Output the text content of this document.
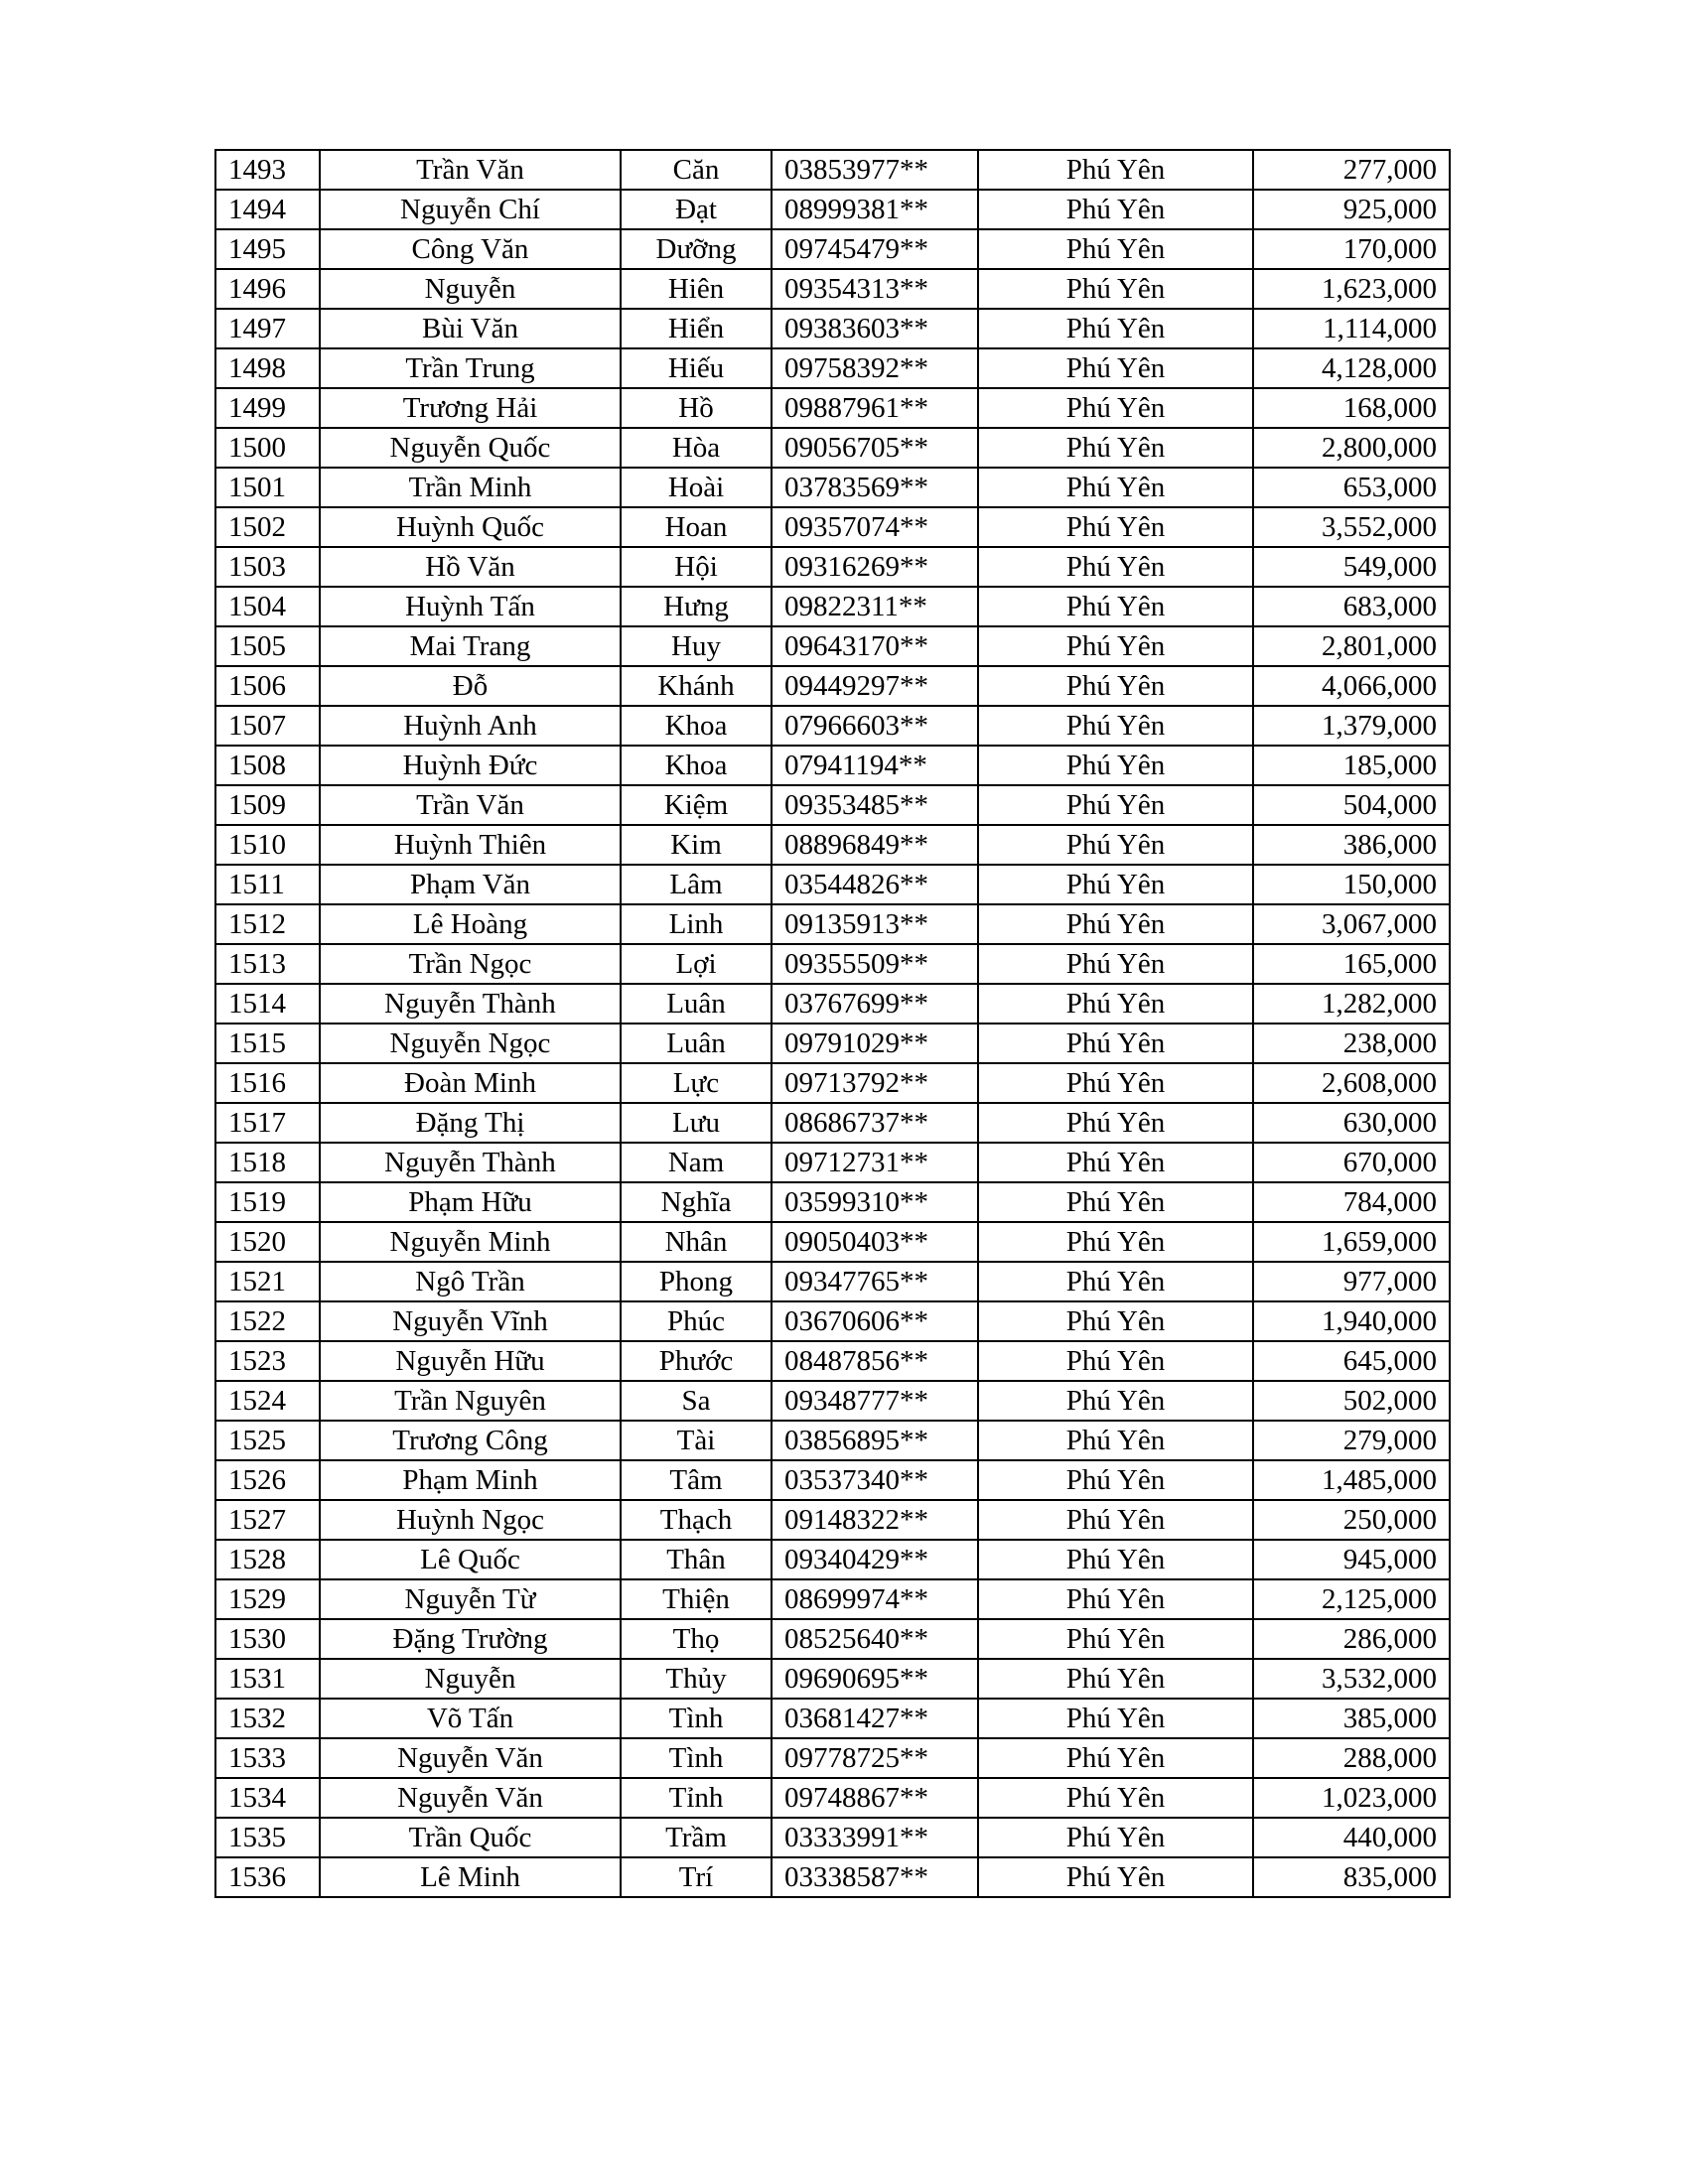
1493	Trần Văn	Căn	03853977**	Phú Yên	277,000
1494	Nguyễn Chí	Đạt	08999381**	Phú Yên	925,000
1495	Công Văn	Dưỡng	09745479**	Phú Yên	170,000
1496	Nguyễn	Hiên	09354313**	Phú Yên	1,623,000
1497	Bùi Văn	Hiển	09383603**	Phú Yên	1,114,000
1498	Trần Trung	Hiếu	09758392**	Phú Yên	4,128,000
1499	Trương Hải	Hồ	09887961**	Phú Yên	168,000
1500	Nguyễn Quốc	Hòa	09056705**	Phú Yên	2,800,000
1501	Trần Minh	Hoài	03783569**	Phú Yên	653,000
1502	Huỳnh Quốc	Hoan	09357074**	Phú Yên	3,552,000
1503	Hồ Văn	Hội	09316269**	Phú Yên	549,000
1504	Huỳnh Tấn	Hưng	09822311**	Phú Yên	683,000
1505	Mai Trang	Huy	09643170**	Phú Yên	2,801,000
1506	Đỗ	Khánh	09449297**	Phú Yên	4,066,000
1507	Huỳnh Anh	Khoa	07966603**	Phú Yên	1,379,000
1508	Huỳnh Đức	Khoa	07941194**	Phú Yên	185,000
1509	Trần Văn	Kiệm	09353485**	Phú Yên	504,000
1510	Huỳnh Thiên	Kim	08896849**	Phú Yên	386,000
1511	Phạm Văn	Lâm	03544826**	Phú Yên	150,000
1512	Lê Hoàng	Linh	09135913**	Phú Yên	3,067,000
1513	Trần Ngọc	Lợi	09355509**	Phú Yên	165,000
1514	Nguyễn Thành	Luân	03767699**	Phú Yên	1,282,000
1515	Nguyễn Ngọc	Luân	09791029**	Phú Yên	238,000
1516	Đoàn Minh	Lực	09713792**	Phú Yên	2,608,000
1517	Đặng Thị	Lưu	08686737**	Phú Yên	630,000
1518	Nguyễn Thành	Nam	09712731**	Phú Yên	670,000
1519	Phạm Hữu	Nghĩa	03599310**	Phú Yên	784,000
1520	Nguyễn Minh	Nhân	09050403**	Phú Yên	1,659,000
1521	Ngô Trần	Phong	09347765**	Phú Yên	977,000
1522	Nguyễn Vĩnh	Phúc	03670606**	Phú Yên	1,940,000
1523	Nguyễn Hữu	Phước	08487856**	Phú Yên	645,000
1524	Trần Nguyên	Sa	09348777**	Phú Yên	502,000
1525	Trương Công	Tài	03856895**	Phú Yên	279,000
1526	Phạm Minh	Tâm	03537340**	Phú Yên	1,485,000
1527	Huỳnh Ngọc	Thạch	09148322**	Phú Yên	250,000
1528	Lê Quốc	Thân	09340429**	Phú Yên	945,000
1529	Nguyễn Từ	Thiện	08699974**	Phú Yên	2,125,000
1530	Đặng Trường	Thọ	08525640**	Phú Yên	286,000
1531	Nguyễn	Thủy	09690695**	Phú Yên	3,532,000
1532	Võ Tấn	Tình	03681427**	Phú Yên	385,000
1533	Nguyễn Văn	Tình	09778725**	Phú Yên	288,000
1534	Nguyễn Văn	Tỉnh	09748867**	Phú Yên	1,023,000
1535	Trần Quốc	Trầm	03333991**	Phú Yên	440,000
1536	Lê Minh	Trí	03338587**	Phú Yên	835,000
